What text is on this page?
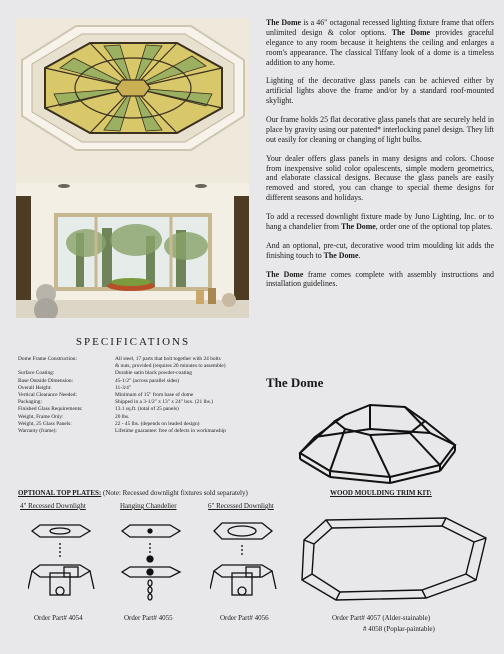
The Dome is a 46" octagonal recessed lighting fixture frame that offers unlimited design & color options. The Dome provides graceful elegance to any room because it heightens the ceiling and enlarges a room's appearance. The classical Tiffany look of a dome is a timeless addition to any home.

Lighting of the decorative glass panels can be achieved either by artificial lights above the frame and/or by a standard roof-mounted skylight.

Our frame holds 25 flat decorative glass panels that are securely held in place by gravity using our patented* interlocking panel design. They lift out easily for cleaning or changing of light bulbs.

Your dealer offers glass panels in many designs and colors. Choose from inexpensive solid color opalescents, simple modern geometrics, and elaborate classical designs. Because the glass panels are easily removed and stored, you can change to special theme designs for different seasons and holidays.

To add a recessed downlight fixture made by Juno Lighting, Inc. or to hang a chandelier from The Dome, order one of the optional top plates.

And an optional, pre-cut, decorative wood trim moulding kit adds the finishing touch to The Dome.

The Dome frame comes complete with assembly instructions and installation guidelines.

The Dome
SPECIFICATIONS
Dome Frame Construction:	All steel, 17 parts that bolt together with 24 bolts
& nuts, provided (requires 20 minutes to assemble)
Surface Coating:	Durable satin black powder-coating
Base Outside Dimension:	45-1/2" (across parallel sides)
Overall Height:	11-3/4"
Vertical Clearance Needed:	Minimum of 15" from base of dome
Packaging:	Shipped in a 3-1/2" x 13" x 24" box. (21 lbs.)
Finished Glass Requirements:	13.1 sq.ft. (total of 25 panels)
Weight, Frame Only:	20 lbs.
Weight, 25 Glass Panels:	22 - 45 lbs. (depends on leaded design)
Warranty (frame):	Lifetime guarantee: free of defects in workmanship
OPTIONAL TOP PLATES: (Note: Recessed downlight fixtures sold separately)	WOOD MOULDING TRIM KIT:
4" Recessed Downlight	Hanging Chandelier	6" Recessed Downlight
Order Part# 4054	Order Part# 4055	Order Part# 4056	Order Part# 4057 (Alder-stainable)
# 4058 (Poplar-paintable)
